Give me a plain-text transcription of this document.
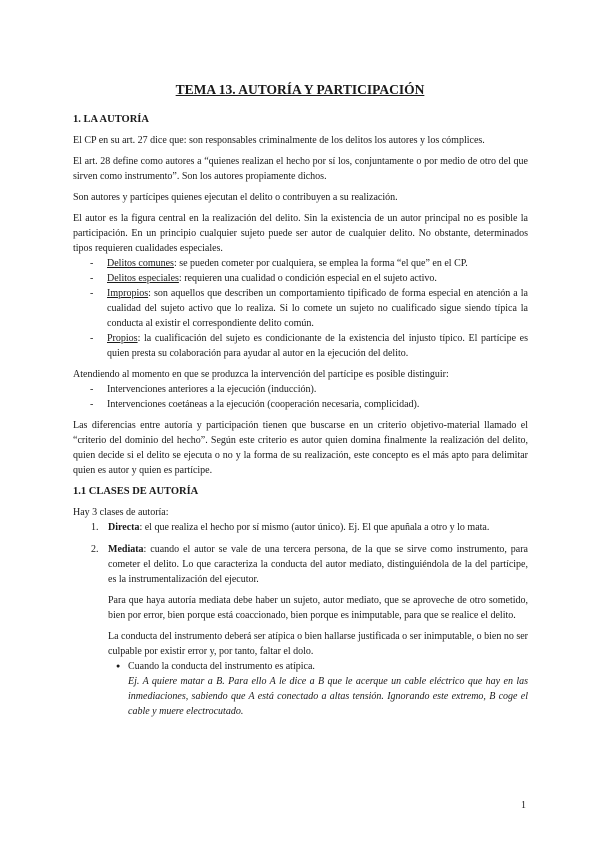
TEMA 13. AUTORÍA Y PARTICIPACIÓN

1. LA AUTORÍA

El CP en su art. 27 dice que: son responsables criminalmente de los delitos los autores y los cómplices.

El art. 28 define como autores a “quienes realizan el hecho por sí los, conjuntamente o por medio de otro del que sirven como instrumento”. Son los autores propiamente dichos.

Son autores y partícipes quienes ejecutan el delito o contribuyen a su realización.

El autor es la figura central en la realización del delito. Sin la existencia de un autor principal no es posible la participación. En un principio cualquier sujeto puede ser autor de cualquier delito. No obstante, determinados tipos requieren cualidades especiales.

- Delitos comunes: se pueden cometer por cualquiera, se emplea la forma “el que” en el CP.
- Delitos especiales: requieren una cualidad o condición especial en el sujeto activo.
- Impropios: son aquellos que describen un comportamiento tipificado de forma especial en atención a la cualidad del sujeto activo que lo realiza. Si lo comete un sujeto no cualificado sigue siendo típica la conducta al existir el correspondiente delito común.
- Propios: la cualificación del sujeto es condicionante de la existencia del injusto típico. El partícipe es quien presta su colaboración para ayudar al autor en la ejecución del delito.

Atendiendo al momento en que se produzca la intervención del partícipe es posible distinguir:

- Intervenciones anteriores a la ejecución (inducción).
- Intervenciones coetáneas a la ejecución (cooperación necesaria, complicidad).

Las diferencias entre autoría y participación tienen que buscarse en un criterio objetivo-material llamado el “criterio del dominio del hecho”. Según este criterio es autor quien domina finalmente la realización del delito, quien decide si el delito se ejecuta o no y la forma de su realización, este concepto es el más apto para delimitar quien es autor y quien es partícipe.

1.1 CLASES DE AUTORÍA

Hay 3 clases de autoría:

1. Directa: el que realiza el hecho por sí mismo (autor único). Ej. El que apuñala a otro y lo mata.
2. Mediata: cuando el autor se vale de una tercera persona, de la que se sirve como instrumento, para cometer el delito. Lo que caracteriza la conducta del autor mediato, distinguiéndola de la del partícipe, es la instrumentalización del ejecutor.

Para que haya autoría mediata debe haber un sujeto, autor mediato, que se aproveche de otro sometido, bien por error, bien porque está coaccionado, bien porque es inimputable, para que se realice el delito.

La conducta del instrumento deberá ser atípica o bien hallarse justificada o ser inimputable, o bien no ser culpable por existir error y, por tanto, faltar el dolo.

● Cuando la conducta del instrumento es atípica.
Ej. A quiere matar a B. Para ello A le dice a B que le acerque un cable eléctrico que hay en las inmediaciones, sabiendo que A está conectado a altas tensión. Ignorando este extremo, B coge el cable y muere electrocutado.
1
